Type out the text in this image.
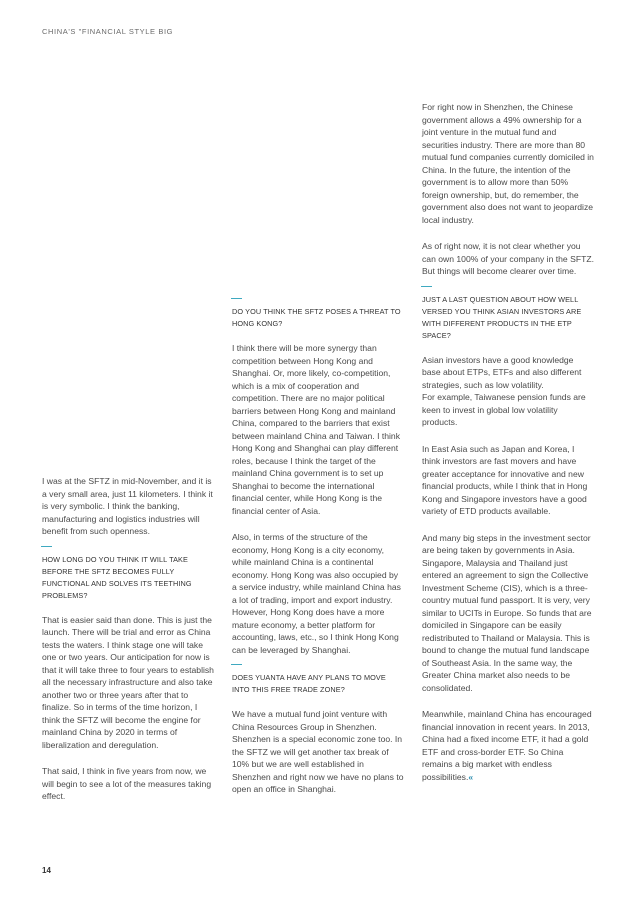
CHINA'S "FINANCIAL STYLE BIG

I was at the SFTZ in mid-November, and it is a very small area, just 11 kilometers. I think it is very symbolic. I think the banking, manufacturing and logistics industries will benefit from such openness.

HOW LONG DO YOU THINK IT WILL TAKE BEFORE THE SFTZ BECOMES FULLY FUNCTIONAL AND SOLVES ITS TEETHING PROBLEMS?

That is easier said than done. This is just the launch. There will be trial and error as China tests the waters. I think stage one will take one or two years. Our anticipation for now is that it will take three to four years to establish all the necessary infrastructure and also take another two or three years after that to finalize. So in terms of the time horizon, I think the SFTZ will become the engine for mainland China by 2020 in terms of liberalization and deregulation.

That said, I think in five years from now, we will begin to see a lot of the measures taking effect.

DO YOU THINK THE SFTZ POSES A THREAT TO HONG KONG?

I think there will be more synergy than competition between Hong Kong and Shanghai. Or, more likely, co-competition, which is a mix of cooperation and competition. There are no major political barriers between Hong Kong and mainland China, compared to the barriers that exist between mainland China and Taiwan. I think Hong Kong and Shanghai can play different roles, because I think the target of the mainland China government is to set up Shanghai to become the international financial center, while Hong Kong is the financial center of Asia.

Also, in terms of the structure of the economy, Hong Kong is a city economy, while mainland China is a continental economy. Hong Kong was also occupied by a service industry, while mainland China has a lot of trading, import and export industry. However, Hong Kong does have a more mature economy, a better platform for accounting, laws, etc., so I think Hong Kong can be leveraged by Shanghai.

DOES YUANTA HAVE ANY PLANS TO MOVE INTO THIS FREE TRADE ZONE?

We have a mutual fund joint venture with China Resources Group in Shenzhen. Shenzhen is a special economic zone too. In the SFTZ we will get another tax break of 10% but we are well established in Shenzhen and right now we have no plans to open an office in Shanghai.

For right now in Shenzhen, the Chinese government allows a 49% ownership for a joint venture in the mutual fund and securities industry. There are more than 80 mutual fund companies currently domiciled in China. In the future, the intention of the government is to allow more than 50% foreign ownership, but, do remember, the government also does not want to jeopardize local industry.

As of right now, it is not clear whether you can own 100% of your company in the SFTZ. But things will become clearer over time.

JUST A LAST QUESTION ABOUT HOW WELL VERSED YOU THINK ASIAN INVESTORS ARE WITH DIFFERENT PRODUCTS IN THE ETP SPACE?

Asian investors have a good knowledge base about ETPs, ETFs and also different strategies, such as low volatility.
For example, Taiwanese pension funds are keen to invest in global low volatility products.

In East Asia such as Japan and Korea, I think investors are fast movers and have greater acceptance for innovative and new financial products, while I think that in Hong Kong and Singapore investors have a good variety of ETD products available.

And many big steps in the investment sector are being taken by governments in Asia. Singapore, Malaysia and Thailand just entered an agreement to sign the Collective Investment Scheme (CIS), which is a three-country mutual fund passport. It is very, very similar to UCITs in Europe. So funds that are domiciled in Singapore can be easily redistributed to Thailand or Malaysia. This is bound to change the mutual fund landscape of Southeast Asia. In the same way, the Greater China market also needs to be consolidated.

Meanwhile, mainland China has encouraged financial innovation in recent years. In 2013, China had a fixed income ETF, it had a gold ETF and cross-border ETF. So China remains a big market with endless possibilities.«

14
